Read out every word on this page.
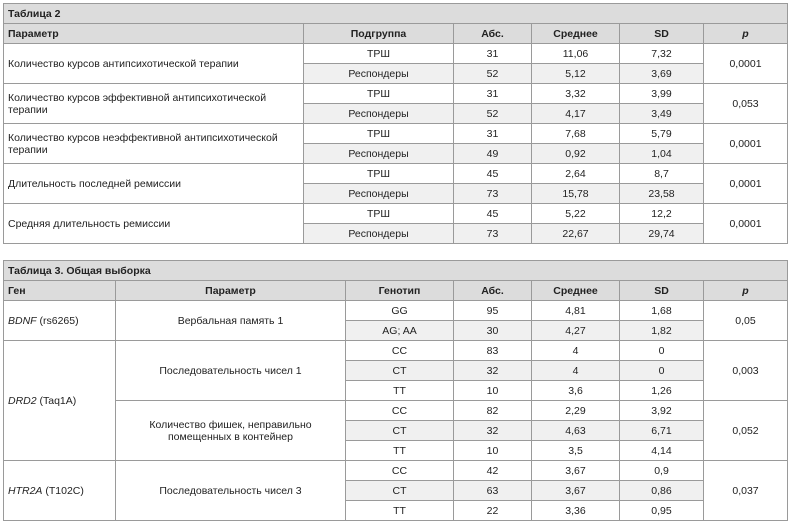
Таблица 2					
Параметр	Подгруппа	Абс.	Среднее	SD	p
Количество курсов антипсихотической терапии	ТРШ	31	11,06	7,32	0,0001
	Респондеры	52	5,12	3,69	
Количество курсов эффективной антипсихотической терапии	ТРШ	31	3,32	3,99	0,053
	Респондеры	52	4,17	3,49	
Количество курсов неэффективной антипсихотической терапии	ТРШ	31	7,68	5,79	0,0001
	Респондеры	49	0,92	1,04	
Длительность последней ремиссии	ТРШ	45	2,64	8,7	0,0001
	Респондеры	73	15,78	23,58	
Средняя длительность ремиссии	ТРШ	45	5,22	12,2	0,0001
	Респондеры	73	22,67	29,74	
Таблица 3. Общая выборка						
Ген	Параметр	Генотип	Абс.	Среднее	SD	p
BDNF (rs6265)	Вербальная память 1	GG	95	4,81	1,68	0,05
		AG; AA	30	4,27	1,82	
DRD2 (Taq1A)	Последовательность чисел 1	CC	83	4	0	0,003
		CT	32	4	0	
		TT	10	3,6	1,26	
	Количество фишек, неправильно помещенных в контейнер	CC	82	2,29	3,92	0,052
		CT	32	4,63	6,71	
		TT	10	3,5	4,14	
HTR2A (T102C)	Последовательность чисел 3	CC	42	3,67	0,9	0,037
		CT	63	3,67	0,86	
		TT	22	3,36	0,95	
